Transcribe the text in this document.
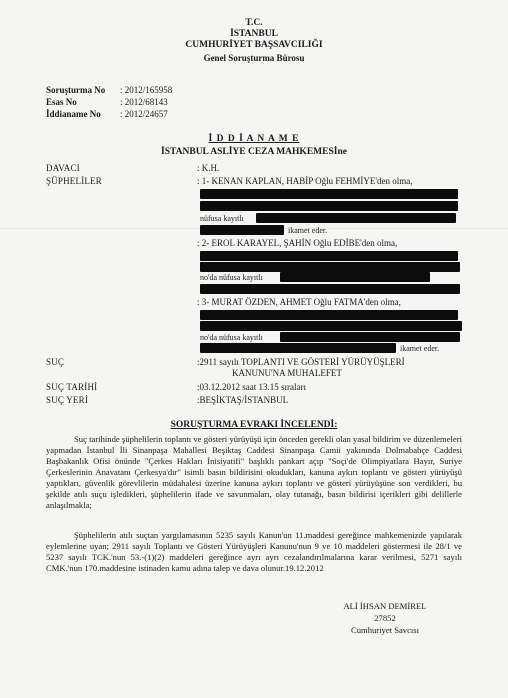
T.C.
İSTANBUL
CUMHURİYET BAŞSAVCILIĞI
Genel Soruşturma Bürosu
Soruşturma No : 2012/165958
Esas No	: 2012/68143
İddianame No : 2012/24657
İ D D İ A N A M E
İSTANBUL ASLİYE CEZA MAHKEMESİne
DAVACI	: K.H.
ŞÜPHELİLER	: 1- KENAN KAPLAN, HABİP Oğlu FEHMİYE'den olma,
nüfusa kayıtlı
ikamet eder.
: 2- EROL KARAYEL, ŞAHİN Oğlu EDİBE'den olma,
no'da nüfusa kayıtlı
: 3- MURAT ÖZDEN, AHMET Oğlu FATMA'den olma,
no'da nüfusa kayıtlı
ikamet eder.
SUÇ	:2911 sayılı TOPLANTI VE GÖSTERİ YÜRÜYÜŞLERİ
KANUNU'NA MUHALEFET
SUÇ TARİHİ	:03.12.2012 saat 13.15 sıraları
SUÇ YERİ	:BEŞİKTAŞ/İSTANBUL
SORUŞTURMA EVRAKI İNCELENDİ:
Suç tarihinde şüphelilerin toplantı ve gösteri yürüyüşü için önceden gerekli olan yasal bildirim ve düzenlemeleri yapmadan İstanbul İli Sinanpaşa Mahallesi Beşiktaş Caddesi Sinanpaşa Camii yakınında Dolmabahçe Caddesi Başbakanlık Ofisi önünde "Çerkes Hakları İnisiyatifi" başlıklı pankart açıp "Soçi'de Olimpiyatlara Hayır, Suriye Çerkeslerinin Anavatanı Çerkesya'dır" isimli basın bildirisini okudukları, kanuna aykırı toplantı ve gösteri yürüyüşü yaptıkları, güvenlik görevlilerin müdahalesi üzerine kanuna aykırı toplantı ve gösteri yürüyüşüne son verdikleri, bu şekilde atılı suçu işledikleri, şüphelilerin ifade ve savunmaları, olay tutanağı, basın bildirisi içerikleri gibi delillerle anlaşılmakla;
Şüphelilerin atılı suçtan yargılamasının 5235 sayılı Kanun'un 11.maddesi gereğince mahkemenizde yapılarak eylemlerine uyan; 2911 sayılı Toplantı ve Gösteri Yürüyüşleri Kanunu'nun 9 ve 10 maddeleri göstermesi ile 28/1 ve 5237 sayılı TCK.'nun 53.-(1)(2) maddeleri gereğince ayrı ayrı cezalandırılmalarına karar verilmesi, 5271 sayılı CMK.'nun 170.maddesine istinaden kamu adına talep ve dava olunur.19.12.2012
ALİ İHSAN DEMİREL
27852
Cumhuriyet Savcısı
